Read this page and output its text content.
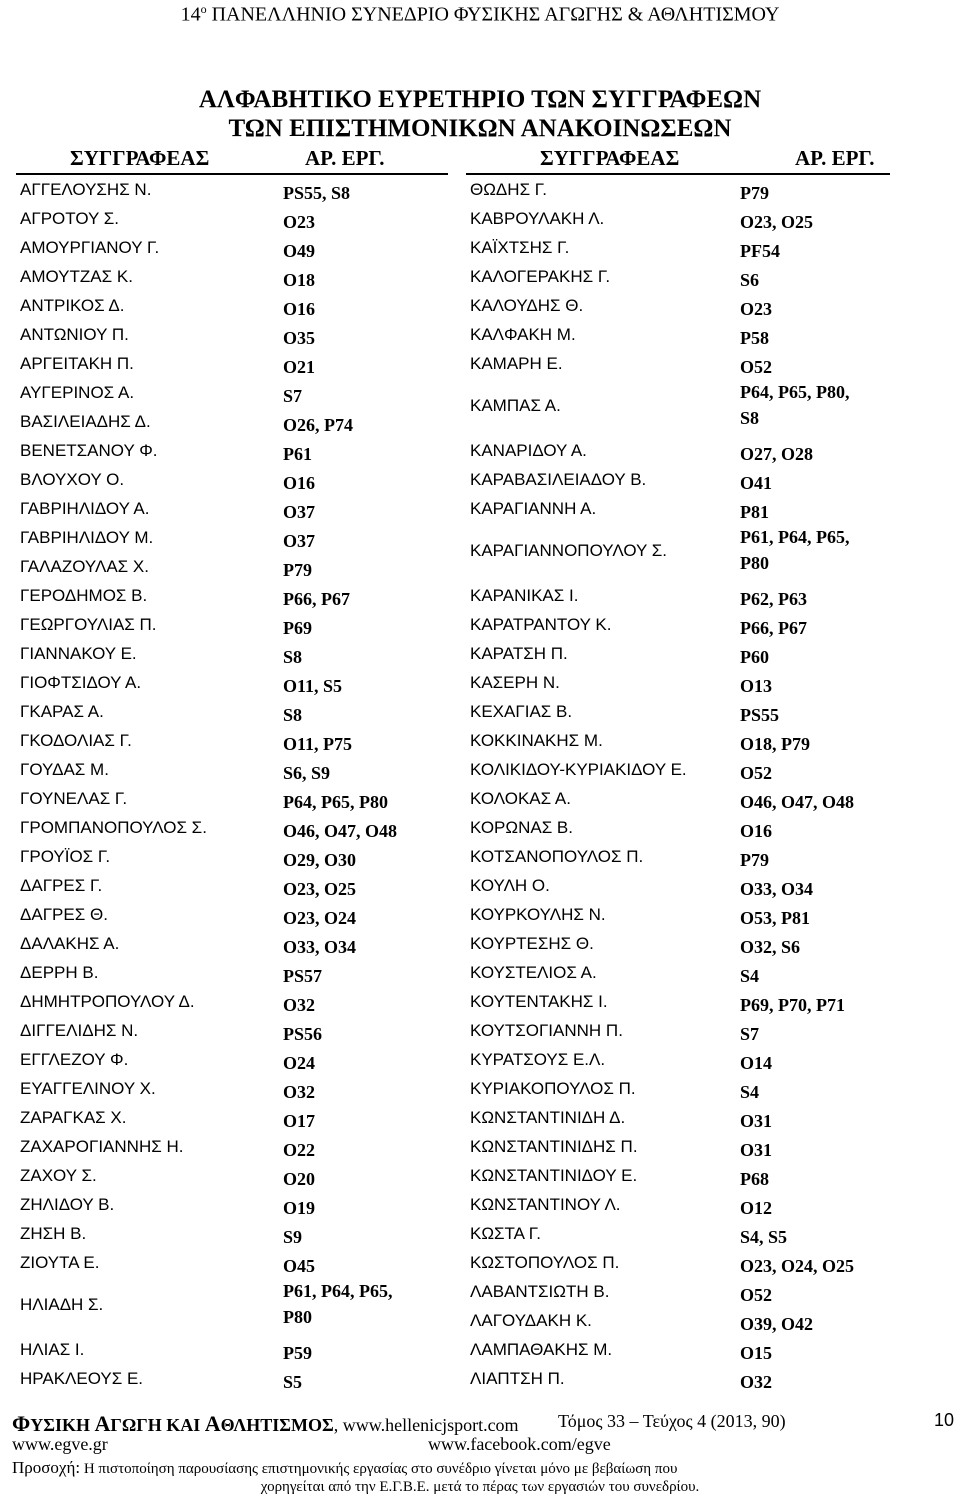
$14^o$ ΠΑΝΕΛΛΗΝΙΟ ΣΥΝΕΔΡΙΟ ΦΥΣΙΚΗΣ ΑΓΩΓΗΣ & ΑΘΛΗΤΙΣΜΟΥ
ΑΛΦΑΒΗΤΙΚΟ ΕΥΡΕΤΗΡΙΟ ΤΩΝ ΣΥΓΓΡΑΦΕΩΝ
ΤΩΝ ΕΠΙΣΤΗΜΟΝΙΚΩΝ ΑΝΑΚΟΙΝΩΣΕΩΝ
ΣΥΓΓΡΑΦΕΑΣ	ΑΡ. ΕΡΓ.	ΣΥΓΓΡΑΦΕΑΣ	ΑΡ. ΕΡΓ.
ΑΓΓΕΛΟΥΣΗΣ Ν.	PS55, S8
ΑΓΡΟΤΟΥ Σ.	O23
ΑΜΟΥΡΓΙΑΝΟΥ Γ.	O49
ΑΜΟΥΤΖΑΣ Κ.	O18
ΑΝΤΡΙΚΟΣ Δ.	O16
ΑΝΤΩΝΙΟΥ Π.	O35
ΑΡΓΕΙΤΑΚΗ Π.	O21
ΑΥΓΕΡΙΝΟΣ Α.	S7
ΒΑΣΙΛΕΙΑΔΗΣ Δ.	O26, P74
ΒΕΝΕΤΣΑΝΟΥ Φ.	P61
ΒΛΟΥΧΟΥ Ο.	O16
ΓΑΒΡΙΗΛΙΔΟΥ Α.	O37
ΓΑΒΡΙΗΛΙΔΟΥ Μ.	O37
ΓΑΛΑΖΟΥΛΑΣ Χ.	P79
ΓΕΡΟΔΗΜΟΣ Β.	P66, P67
ΓΕΩΡΓΟΥΛΙΑΣ Π.	P69
ΓΙΑΝΝΑΚΟΥ Ε.	S8
ΓΙΟΦΤΣΙΔΟΥ Α.	O11, S5
ΓΚΑΡΑΣ Α.	S8
ΓΚΟΔΟΛΙΑΣ Γ.	O11, P75
ΓΟΥΔΑΣ Μ.	S6, S9
ΓΟΥΝΕΛΑΣ Γ.	P64, P65, P80
ΓΡΟΜΠΑΝΟΠΟΥΛΟΣ Σ.	O46, O47, O48
ΓΡΟΥΪΟΣ Γ.	O29, O30
ΔΑΓΡΕΣ Γ.	O23, O25
ΔΑΓΡΕΣ Θ.	O23, O24
ΔΑΛΑΚΗΣ Α.	O33, O34
ΔΕΡΡΗ Β.	PS57
ΔΗΜΗΤΡΟΠΟΥΛΟΥ Δ.	O32
ΔΙΓΓΕΛΙΔΗΣ Ν.	PS56
ΕΓΓΛΕΖΟΥ Φ.	O24
ΕΥΑΓΓΕΛΙΝΟΥ Χ.	O32
ΖΑΡΑΓΚΑΣ Χ.	O17
ΖΑΧΑΡΟΓΙΑΝΝΗΣ Η.	O22
ΖΑΧΟΥ Σ.	O20
ΖΗΛΙΔΟΥ Β.	O19
ΖΗΣΗ Β.	S9
ΖΙΟΥΤΑ Ε.	O45
ΗΛΙΑΔΗ Σ.
P61, P64, P65,
P80
ΗΛΙΑΣ Ι.	P59
ΗΡΑΚΛΕΟΥΣ Ε.	S5
ΘΩΔΗΣ Γ.	P79
ΚΑΒΡΟΥΛΑΚΗ Λ.	O23, O25
ΚΑΪΧΤΣΗΣ Γ.	PF54
ΚΑΛΟΓΕΡΑΚΗΣ Γ.	S6
ΚΑΛΟΥΔΗΣ Θ.	O23
ΚΑΛΦΑΚΗ Μ.	P58
ΚΑΜΑΡΗ Ε.	O52
ΚΑΜΠΑΣ Α.
P64, P65, P80,
S8
ΚΑΝΑΡΙΔΟΥ Α.	O27, O28
ΚΑΡΑΒΑΣΙΛΕΙΑΔΟΥ Β.	O41
ΚΑΡΑΓΙΑΝΝΗ Α.	P81
ΚΑΡΑΓΙΑΝΝΟΠΟΥΛΟΥ Σ.
P61, P64, P65,
P80
ΚΑΡΑΝΙΚΑΣ Ι.	P62, P63
ΚΑΡΑΤΡΑΝΤΟΥ Κ.	P66, P67
ΚΑΡΑΤΣΗ Π.	P60
ΚΑΣΕΡΗ Ν.	O13
ΚΕΧΑΓΙΑΣ Β.	PS55
ΚΟΚΚΙΝΑΚΗΣ Μ.	O18, P79
ΚΟΛΙΚΙΔΟΥ-ΚΥΡΙΑΚΙΔΟΥ Ε.	O52
ΚΟΛΟΚΑΣ Α.	O46, O47, O48
ΚΟΡΩΝΑΣ Β.	O16
ΚΟΤΣΑΝΟΠΟΥΛΟΣ Π.	P79
ΚΟΥΛΗ Ο.	O33, O34
ΚΟΥΡΚΟΥΛΗΣ Ν.	O53, P81
ΚΟΥΡΤΕΣΗΣ Θ.	O32, S6
ΚΟΥΣΤΕΛΙΟΣ Α.	S4
ΚΟΥΤΕΝΤΑΚΗΣ Ι.	P69, P70, P71
ΚΟΥΤΣΟΓΙΑΝΝΗ Π.	S7
ΚΥΡΑΤΣΟΥΣ Ε.Λ.	O14
ΚΥΡΙΑΚΟΠΟΥΛΟΣ Π.	S4
ΚΩΝΣΤΑΝΤΙΝΙΔΗ Δ.	O31
ΚΩΝΣΤΑΝΤΙΝΙΔΗΣ Π.	O31
ΚΩΝΣΤΑΝΤΙΝΙΔΟΥ Ε.	P68
ΚΩΝΣΤΑΝΤΙΝΟΥ Λ.	O12
ΚΩΣΤΑ Γ.	S4, S5
ΚΩΣΤΟΠΟΥΛΟΣ Π.	O23, O24, O25
ΛΑΒΑΝΤΣΙΩΤΗ Β.	O52
ΛΑΓΟΥΔΑΚΗ Κ.	O39, O42
ΛΑΜΠΑΘΑΚΗΣ Μ.	O15
ΛΙΑΠΤΣΗ Π.	O32
ΦΥΣΙΚΗ ΑΓΩΓΗ ΚΑΙ ΑΘΛΗΤΙΣΜΟΣ, www.hellenicjsport.com Τόμος 33 – Τεύχος 4 (2013, 90)	10
www.egve.gr	www.facebook.com/egve
Προσοχή: Η πιστοποίηση παρουσίασης επιστημονικής εργασίας στο συνέδριο γίνεται μόνο με βεβαίωση που
χορηγείται από την Ε.Γ.Β.Ε. μετά το πέρας των εργασιών του συνεδρίου.
